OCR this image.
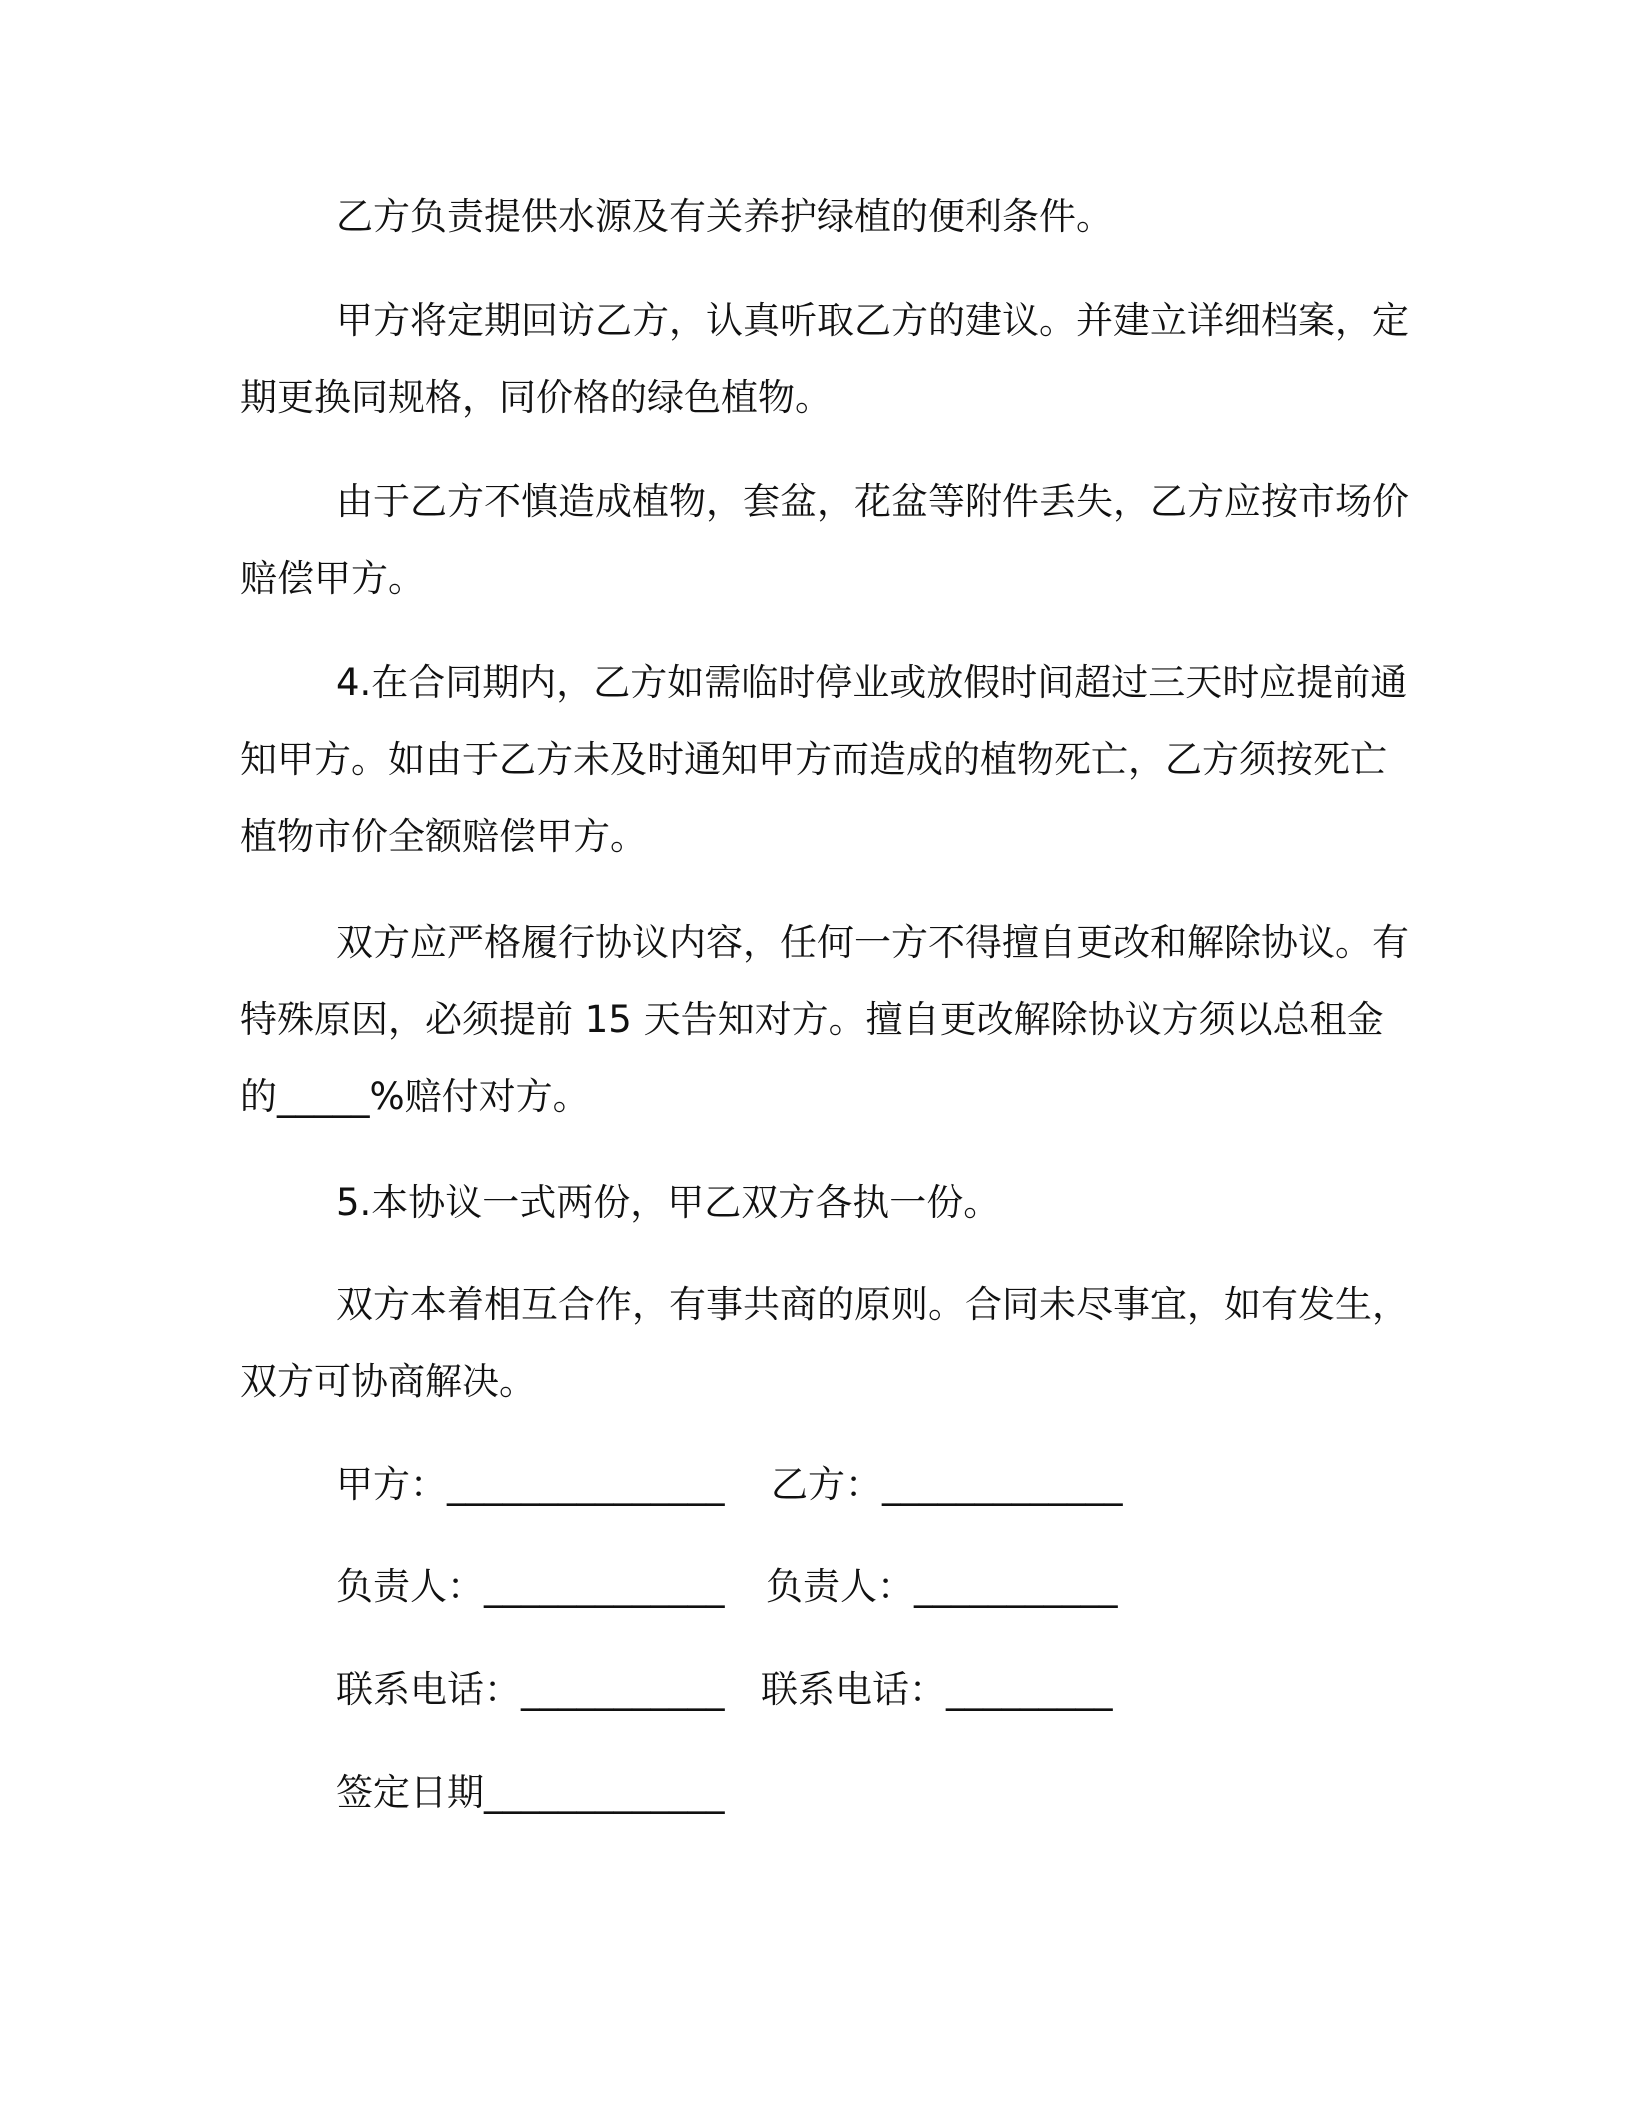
乙方负责提供水源及有关养护绿植的便利条件。

甲方将定期回访乙方，认真听取乙方的建议。并建立详细档案，定期更换同规格，同价格的绿色植物。

由于乙方不慎造成植物，套盆，花盆等附件丢失，乙方应按市场价赔偿甲方。

4.在合同期内，乙方如需临时停业或放假时间超过三天时应提前通知甲方。如由于乙方未及时通知甲方而造成的植物死亡，乙方须按死亡植物市价全额赔偿甲方。

双方应严格履行协议内容，任何一方不得擅自更改和解除协议。有特殊原因，必须提前 15 天告知对方。擅自更改解除协议方须以总租金的_____%赔付对方。

5.本协议一式两份，甲乙双方各执一份。

双方本着相互合作，有事共商的原则。合同未尽事宜，如有发生，双方可协商解决。

甲方：_______________ 乙方：_____________
负责人：_____________ 负责人：___________
联系电话：___________ 联系电话：_________
签定日期_____________
